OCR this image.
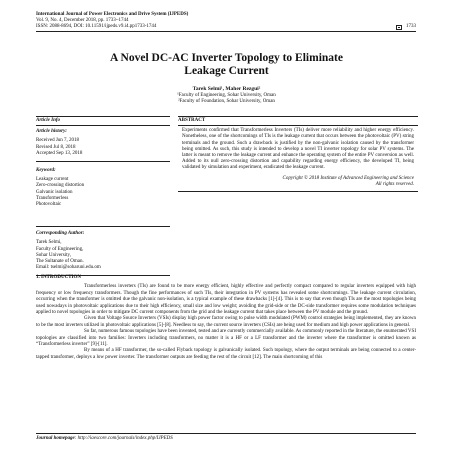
International Journal of Power Electronics and Drive System (IJPEDS)
Vol. 9, No. 4, December 2018, pp. 1733~1744
ISSN: 2088-8694, DOI: 10.11591/ijpeds.v9.i4.pp1733-1744	1733
A Novel DC-AC Inverter Topology to Eliminate
Leakage Current
Tarek Selmi¹, Maher Rezgui²
¹Faculty of Engineering, Sohar University, Oman
²Faculty of Foundation, Sohar University, Oman
Article Info
Article history:
Received Jun 7, 2018
Revised Jul 8, 2018
Accepted Sep 13, 2018
Keyword:
Leakage current
Zero-crossing distortion
Galvanic isolation
Transformerless
Photovoltaic
Corresponding Author:
Tarek Selmi,
Faculty of Engineering,
Sohar University,
The Sultanate of Oman.
Email: tselmi@soharuni.edu.om
ABSTRACT
Experiments confirmed that Transformerless Inverters (TIs) deliver more reliability and higher energy efficiency. Nonetheless, one of the shortcomings of TIs is the leakage current that occurs between the photovoltaic (PV) string terminals and the ground. Such a drawback is justified by the non-galvanic isolation caused by the transformer being omitted. As such, this study is intended to develop a novel TI inverter topology for solar PV systems. The latter is meant to remove the leakage current and enhance the operating system of the entire PV conversion as well. Added to its null zero-crossing distortion and capability regarding energy efficiency, the developed TI, being validated by simulation and experiment, eradicated the leakage current.
Copyright © 2018 Institute of Advanced Engineering and Science
All rights reserved.
1. INTRODUCTION

Transformerless inverters (TIs) are found to be more energy efficient, highly effective and perfectly compact compared to regular inverters equipped with high frequency or low frequency transformers. Though the fine performances of such TIs, their integration in PV systems has revealed some shortcomings. The leakage current circulation, occurring when the transformer is omitted due the galvanic non-isolation, is a typical example of these drawbacks [1]-[4]. This is to say that even though TIs are the most topologies being used nowadays in photovoltaic applications due to their high efficiency, small size and low weight; avoiding the grid-side or the DC-side transformer requires some modulation techniques applied to novel topologies in order to mitigate DC current components from the grid and the leakage current that takes place between the PV module and the ground.

Given that Voltage Source Inverters (VSIs) display high power factor owing to pulse width modulated (PWM) control strategies being implemented, they are known to be the most inverters utilized in photovoltaic applications [5]-[8]. Needless to say, the current source inverters (CSIs) are being used for medium and high power applications in general.

So far, numerous famous topologies have been invented, tested and are currently commercially available. As commonly reported in the literature, the enumerated VSI topologies are classified into two families: Inverters including transformers, no matter it is a HF or a LF transformer and the inverter where the transformer is omitted known as “Transformerless inverter” [9]-[11].

By means of a HF transformer, the so-called Flyback topology is galvanically isolated. Such topology, where the output terminals are being connected to a center-tapped transformer, deploys a low power inverter. The transformer outputs are feeding the rest of the circuit [12]. The main shortcoming of this

Journal homepage: http://iaescore.com/journals/index.php/IJPEDS
